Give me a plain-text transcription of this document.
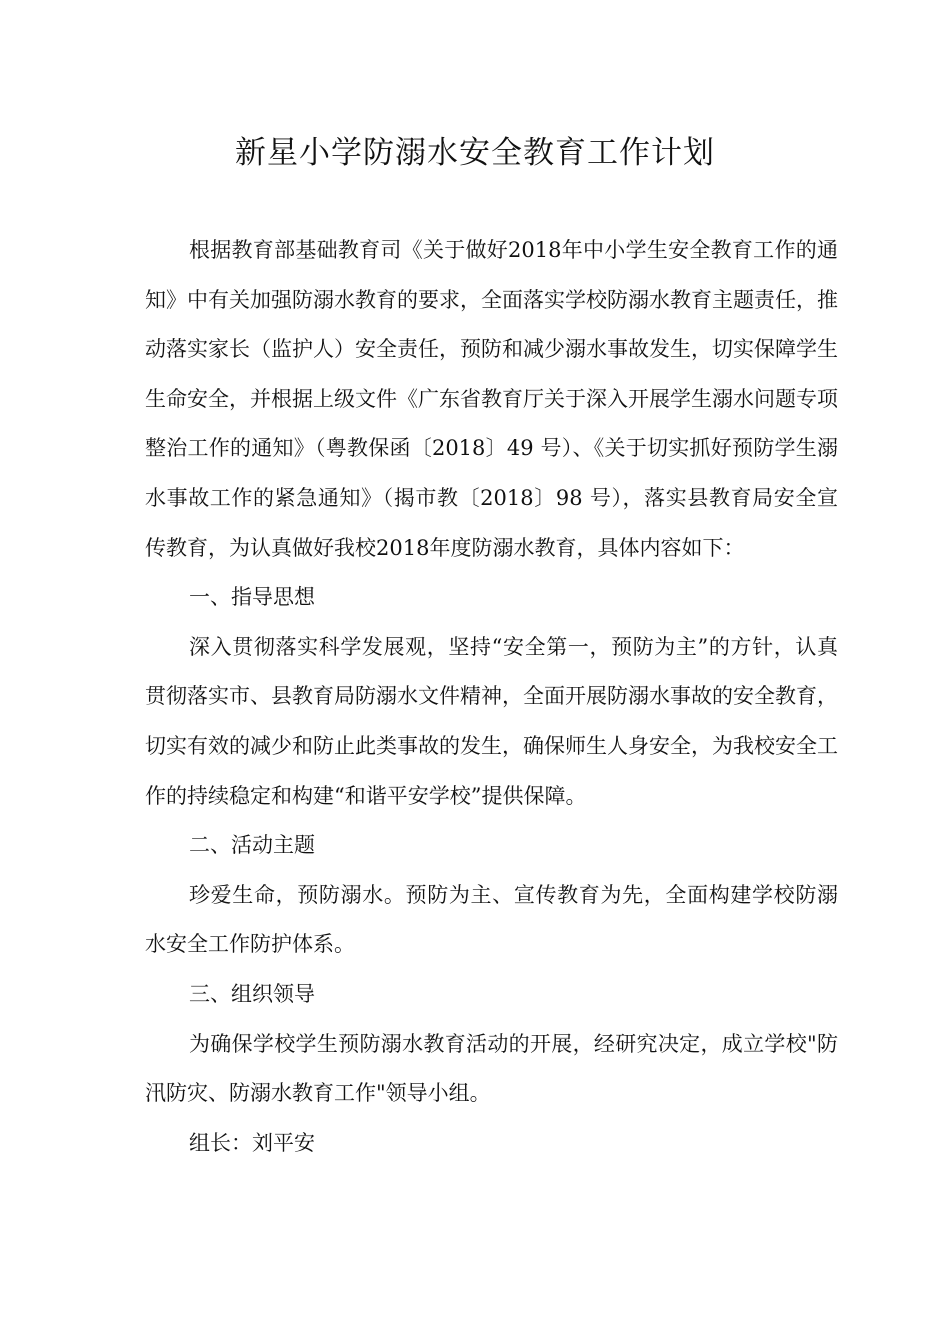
新星小学防溺水安全教育工作计划

根据教育部基础教育司《关于做好2018年中小学生安全教育工作的通知》中有关加强防溺水教育的要求，全面落实学校防溺水教育主题责任，推动落实家长（监护人）安全责任，预防和减少溺水事故发生，切实保障学生生命安全，并根据上级文件《广东省教育厅关于深入开展学生溺水问题专项整治工作的通知》（粤教保函〔2018〕49 号）、《关于切实抓好预防学生溺水事故工作的紧急通知》（揭市教〔2018〕98 号），落实县教育局安全宣传教育，为认真做好我校2018年度防溺水教育，具体内容如下：

一、指导思想

深入贯彻落实科学发展观，坚持“安全第一，预防为主”的方针，认真贯彻落实市、县教育局防溺水文件精神，全面开展防溺水事故的安全教育，切实有效的减少和防止此类事故的发生，确保师生人身安全，为我校安全工作的持续稳定和构建“和谐平安学校”提供保障。

二、活动主题

珍爱生命，预防溺水。预防为主、宣传教育为先，全面构建学校防溺水安全工作防护体系。

三、组织领导

为确保学校学生预防溺水教育活动的开展，经研究决定，成立学校"防汛防灾、防溺水教育工作"领导小组。

组长：刘平安
